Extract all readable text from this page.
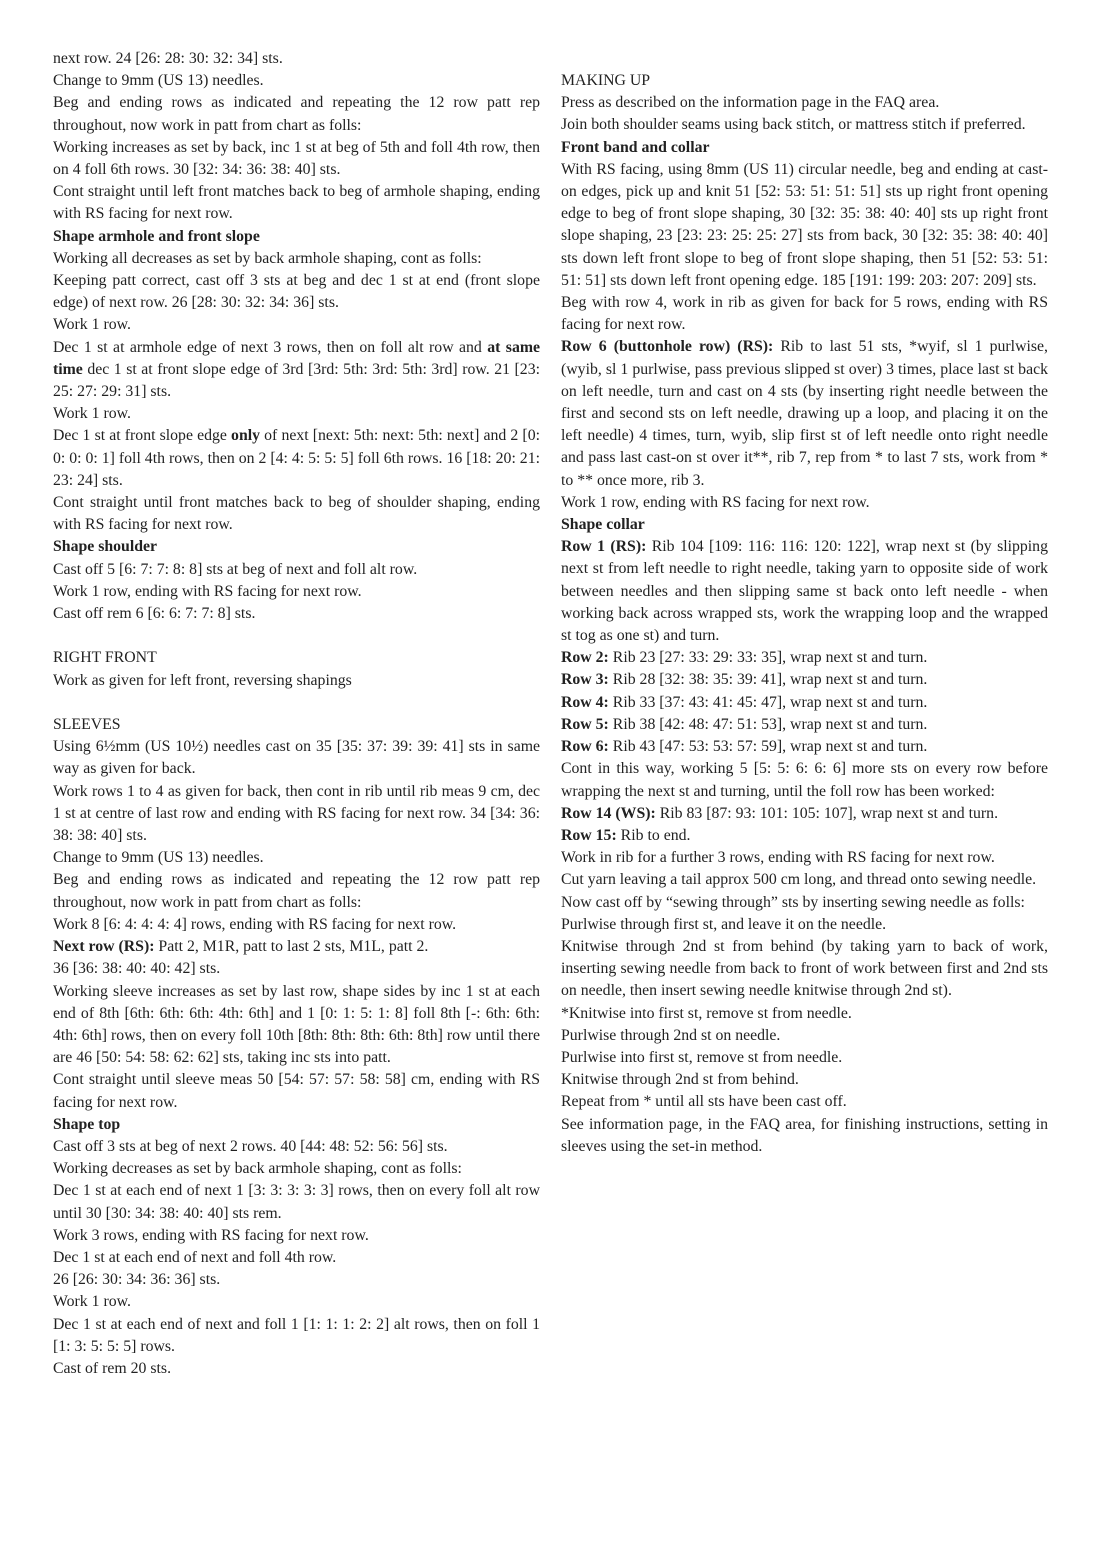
next row. 24 [26: 28: 30: 32: 34] sts.

Change to 9mm (US 13) needles.

Beg and ending rows as indicated and repeating the 12 row patt rep throughout, now work in patt from chart as folls:

Working increases as set by back, inc 1 st at beg of 5th and foll 4th row, then on 4 foll 6th rows. 30 [32: 34: 36: 38: 40] sts.

Cont straight until left front matches back to beg of armhole shaping, ending with RS facing for next row.

Shape armhole and front slope

Working all decreases as set by back armhole shaping, cont as folls:

Keeping patt correct, cast off 3 sts at beg and dec 1 st at end (front slope edge) of next row. 26 [28: 30: 32: 34: 36] sts.

Work 1 row.

Dec 1 st at armhole edge of next 3 rows, then on foll alt row and at same time dec 1 st at front slope edge of 3rd [3rd: 5th: 3rd: 5th: 3rd] row. 21 [23: 25: 27: 29: 31] sts.

Work 1 row.

Dec 1 st at front slope edge only of next [next: 5th: next: 5th: next] and 2 [0: 0: 0: 0: 1] foll 4th rows, then on 2 [4: 4: 5: 5: 5] foll 6th rows. 16 [18: 20: 21: 23: 24] sts.

Cont straight until front matches back to beg of shoulder shaping, ending with RS facing for next row.

Shape shoulder

Cast off 5 [6: 7: 7: 8: 8] sts at beg of next and foll alt row.

Work 1 row, ending with RS facing for next row.

Cast off rem 6 [6: 6: 7: 7: 8] sts.

RIGHT FRONT

Work as given for left front, reversing shapings

SLEEVES

Using 6½mm (US 10½) needles cast on 35 [35: 37: 39: 39: 41] sts in same way as given for back.

Work rows 1 to 4 as given for back, then cont in rib until rib meas 9 cm, dec 1 st at centre of last row and ending with RS facing for next row. 34 [34: 36: 38: 38: 40] sts.

Change to 9mm (US 13) needles.

Beg and ending rows as indicated and repeating the 12 row patt rep throughout, now work in patt from chart as folls:

Work 8 [6: 4: 4: 4: 4] rows, ending with RS facing for next row.

Next row (RS): Patt 2, M1R, patt to last 2 sts, M1L, patt 2.

36 [36: 38: 40: 40: 42] sts.

Working sleeve increases as set by last row, shape sides by inc 1 st at each end of 8th [6th: 6th: 6th: 4th: 6th] and 1 [0: 1: 5: 1: 8] foll 8th [-: 6th: 6th: 4th: 6th] rows, then on every foll 10th [8th: 8th: 8th: 6th: 8th] row until there are 46 [50: 54: 58: 62: 62] sts, taking inc sts into patt.

Cont straight until sleeve meas 50 [54: 57: 57: 58: 58] cm, ending with RS facing for next row.

Shape top

Cast off 3 sts at beg of next 2 rows. 40 [44: 48: 52: 56: 56] sts.

Working decreases as set by back armhole shaping, cont as folls:

Dec 1 st at each end of next 1 [3: 3: 3: 3: 3] rows, then on every foll alt row until 30 [30: 34: 38: 40: 40] sts rem.

Work 3 rows, ending with RS facing for next row.

Dec 1 st at each end of next and foll 4th row.

26 [26: 30: 34: 36: 36] sts.

Work 1 row.

Dec 1 st at each end of next and foll 1 [1: 1: 1: 2: 2] alt rows, then on foll 1 [1: 3: 5: 5: 5] rows.

Cast of rem 20 sts.

MAKING UP

Press as described on the information page in the FAQ area.

Join both shoulder seams using back stitch, or mattress stitch if preferred.

Front band and collar

With RS facing, using 8mm (US 11) circular needle, beg and ending at cast-on edges, pick up and knit 51 [52: 53: 51: 51: 51] sts up right front opening edge to beg of front slope shaping, 30 [32: 35: 38: 40: 40] sts up right front slope shaping, 23 [23: 23: 25: 25: 27] sts from back, 30 [32: 35: 38: 40: 40] sts down left front slope to beg of front slope shaping, then 51 [52: 53: 51: 51: 51] sts down left front opening edge. 185 [191: 199: 203: 207: 209] sts.

Beg with row 4, work in rib as given for back for 5 rows, ending with RS facing for next row.

Row 6 (buttonhole row) (RS): Rib to last 51 sts, *wyif, sl 1 purlwise, (wyib, sl 1 purlwise, pass previous slipped st over) 3 times, place last st back on left needle, turn and cast on 4 sts (by inserting right needle between the first and second sts on left needle, drawing up a loop, and placing it on the left needle) 4 times, turn, wyib, slip first st of left needle onto right needle and pass last cast-on st over it**, rib 7, rep from * to last 7 sts, work from * to ** once more, rib 3.

Work 1 row, ending with RS facing for next row.

Shape collar

Row 1 (RS): Rib 104 [109: 116: 116: 120: 122], wrap next st (by slipping next st from left needle to right needle, taking yarn to opposite side of work between needles and then slipping same st back onto left needle - when working back across wrapped sts, work the wrapping loop and the wrapped st tog as one st) and turn.

Row 2: Rib 23 [27: 33: 29: 33: 35], wrap next st and turn.

Row 3: Rib 28 [32: 38: 35: 39: 41], wrap next st and turn.

Row 4: Rib 33 [37: 43: 41: 45: 47], wrap next st and turn.

Row 5: Rib 38 [42: 48: 47: 51: 53], wrap next st and turn.

Row 6: Rib 43 [47: 53: 53: 57: 59], wrap next st and turn.

Cont in this way, working 5 [5: 5: 6: 6: 6] more sts on every row before wrapping the next st and turning, until the foll row has been worked:

Row 14 (WS): Rib 83 [87: 93: 101: 105: 107], wrap next st and turn.

Row 15: Rib to end.

Work in rib for a further 3 rows, ending with RS facing for next row.

Cut yarn leaving a tail approx 500 cm long, and thread onto sewing needle.

Now cast off by “sewing through” sts by inserting sewing needle as folls:

Purlwise through first st, and leave it on the needle.

Knitwise through 2nd st from behind (by taking yarn to back of work, inserting sewing needle from back to front of work between first and 2nd sts on needle, then insert sewing needle knitwise through 2nd st).

*Knitwise into first st, remove st from needle.

Purlwise through 2nd st on needle.

Purlwise into first st, remove st from needle.

Knitwise through 2nd st from behind.

Repeat from * until all sts have been cast off.

See information page, in the FAQ area, for finishing instructions, setting in sleeves using the set-in method.
